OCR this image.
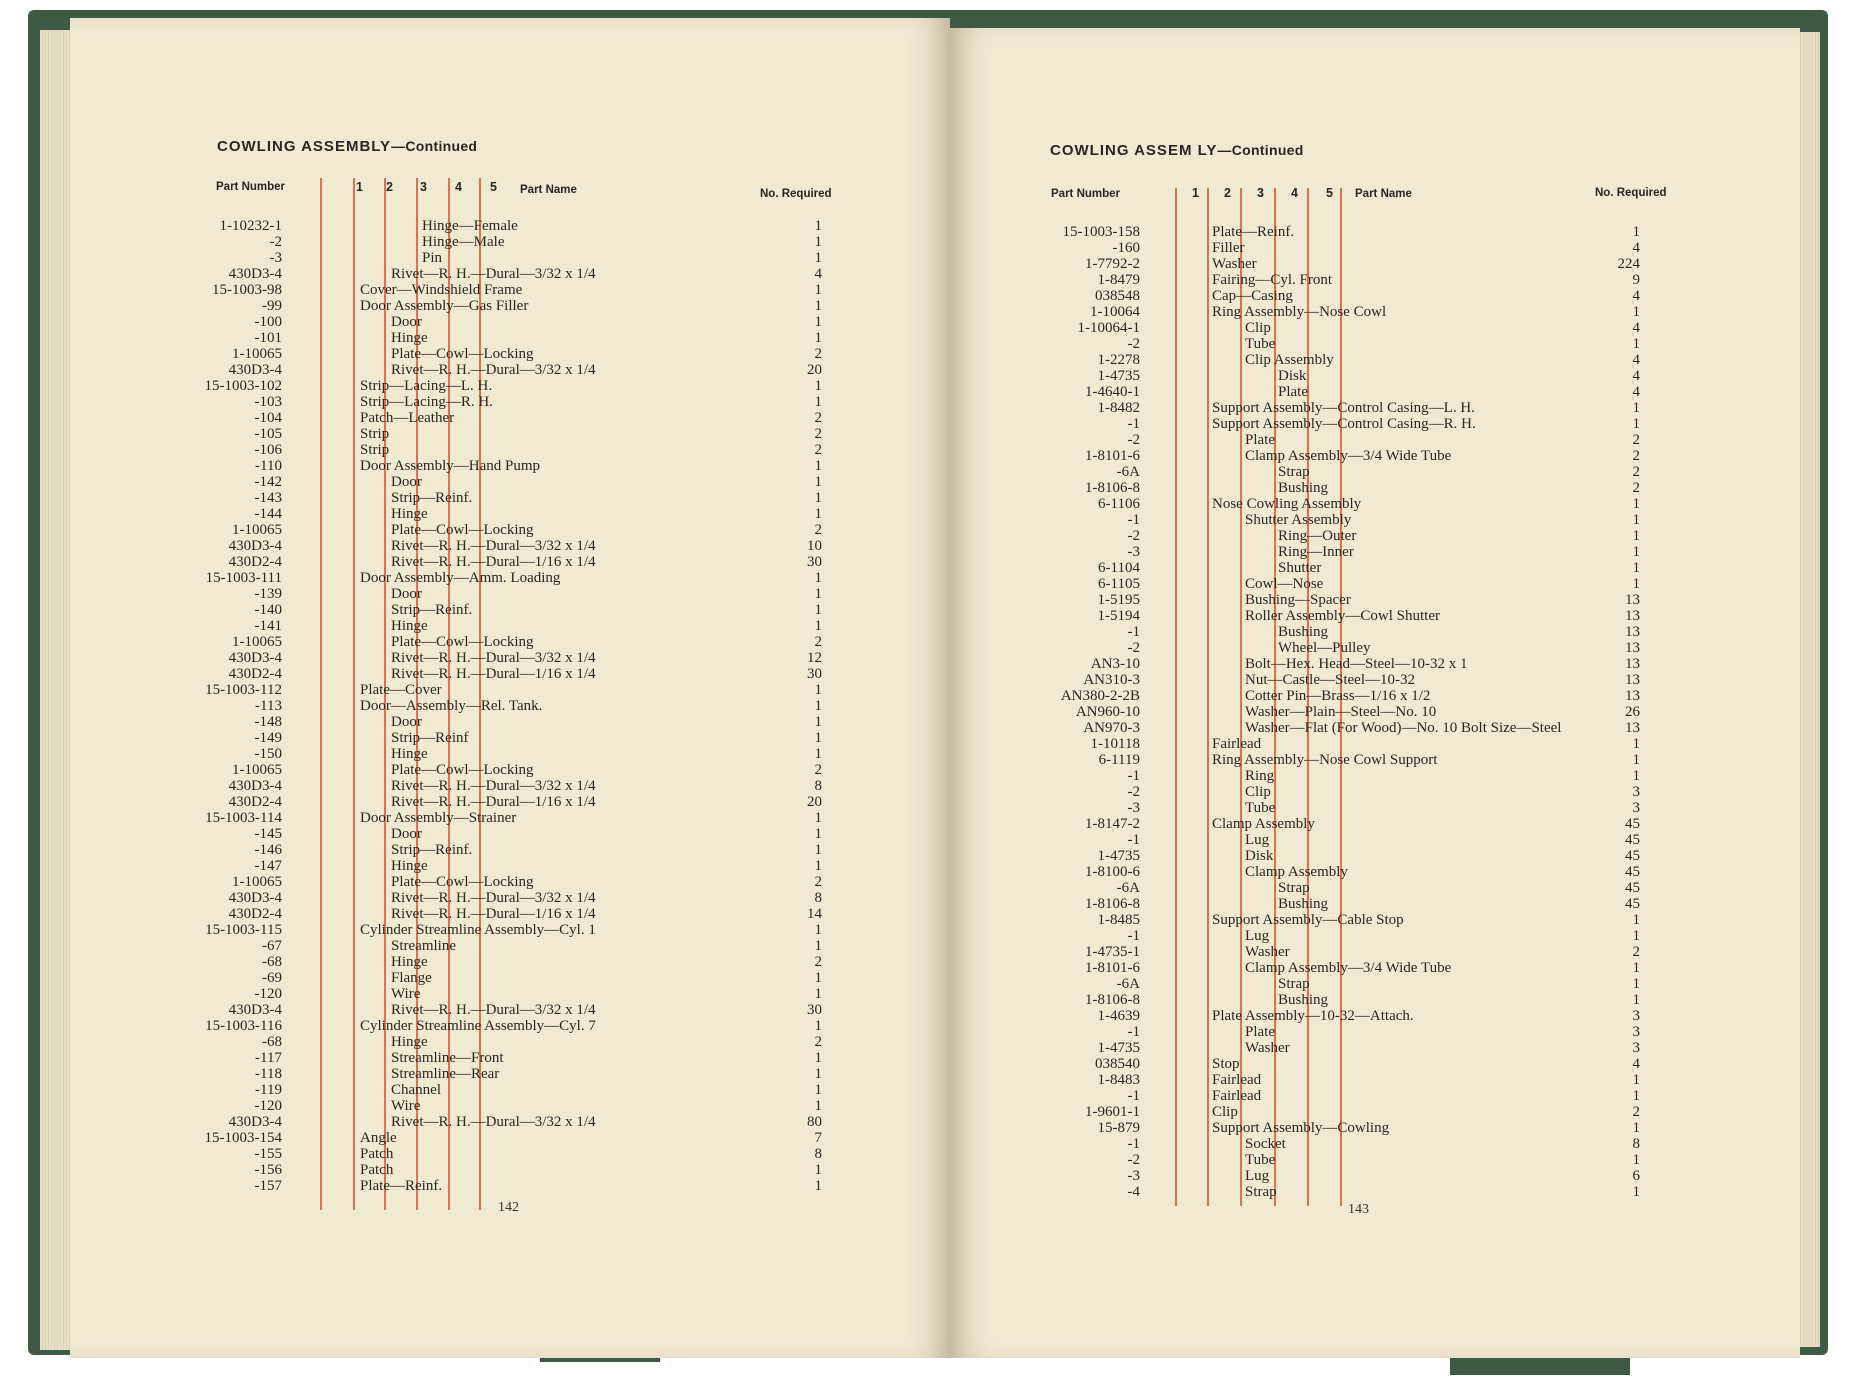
COWLING ASSEMBLY—Continued
Part Number	1 2 3 4 5 Part Name	No. Required
1-10232-1	Hinge—Female	1
-2	Hinge—Male	1
-3	Pin	1
430D3-4	Rivet—R. H.—Dural—3/32 x 1/4	4
15-1003-98	Cover—Windshield Frame	1
-99	Door Assembly—Gas Filler	1
-100	Door	1
-101	Hinge	1
1-10065	Plate—Cowl—Locking	2
430D3-4	Rivet—R. H.—Dural—3/32 x 1/4	20
15-1003-102	Strip—Lacing—L. H.	1
-103	Strip—Lacing—R. H.	1
-104	Patch—Leather	2
-105	Strip	2
-106	Strip	2
-110	Door Assembly—Hand Pump	1
-142	Door	1
-143	Strip—Reinf.	1
-144	Hinge	1
1-10065	Plate—Cowl—Locking	2
430D3-4	Rivet—R. H.—Dural—3/32 x 1/4	10
430D2-4	Rivet—R. H.—Dural—1/16 x 1/4	30
15-1003-111	Door Assembly—Amm. Loading	1
-139	Door	1
-140	Strip—Reinf.	1
-141	Hinge	1
1-10065	Plate—Cowl—Locking	2
430D3-4	Rivet—R. H.—Dural—3/32 x 1/4	12
430D2-4	Rivet—R. H.—Dural—1/16 x 1/4	30
15-1003-112	Plate—Cover	1
-113	Door—Assembly—Rel. Tank.	1
-148	Door	1
-149	Strip—Reinf	1
-150	Hinge	1
1-10065	Plate—Cowl—Locking	2
430D3-4	Rivet—R. H.—Dural—3/32 x 1/4	8
430D2-4	Rivet—R. H.—Dural—1/16 x 1/4	20
15-1003-114	Door Assembly—Strainer	1
-145	Door	1
-146	Strip—Reinf.	1
-147	Hinge	1
1-10065	Plate—Cowl—Locking	2
430D3-4	Rivet—R. H.—Dural—3/32 x 1/4	8
430D2-4	Rivet—R. H.—Dural—1/16 x 1/4	14
15-1003-115	Cylinder Streamline Assembly—Cyl. 1	1
-67	Streamline	1
-68	Hinge	2
-69	Flange	1
-120	Wire	1
430D3-4	Rivet—R. H.—Dural—3/32 x 1/4	30
15-1003-116	Cylinder Streamline Assembly—Cyl. 7	1
-68	Hinge	2
-117	Streamline—Front	1
-118	Streamline—Rear	1
-119	Channel	1
-120	Wire	1
430D3-4	Rivet—R. H.—Dural—3/32 x 1/4	80
15-1003-154	Angle	7
-155	Patch	8
-156	Patch	1
-157	Plate—Reinf.	1
142
COWLING ASSEM LY—Continued
Part Number	1 2 3 4 5 Part Name	No. Required
15-1003-158	Plate—Reinf.	1
-160	Filler	4
1-7792-2	Washer	224
1-8479	Fairing—Cyl. Front	9
038548	Cap—Casing	4
1-10064	Ring Assembly—Nose Cowl	1
1-10064-1	Clip	4
-2	Tube	1
1-2278	Clip Assembly	4
1-4735	Disk	4
1-4640-1	Plate	4
1-8482	Support Assembly—Control Casing—L. H.	1
-1	Support Assembly—Control Casing—R. H.	1
-2	Plate	2
1-8101-6	Clamp Assembly—3/4 Wide Tube	2
-6A	Strap	2
1-8106-8	Bushing	2
6-1106	Nose Cowling Assembly	1
-1	Shutter Assembly	1
-2	Ring—Outer	1
-3	Ring—Inner	1
6-1104	Shutter	1
6-1105	Cowl—Nose	1
1-5195	Bushing—Spacer	13
1-5194	Roller Assembly—Cowl Shutter	13
-1	Bushing	13
-2	Wheel—Pulley	13
AN3-10	Bolt—Hex. Head—Steel—10-32 x 1	13
AN310-3	Nut—Castle—Steel—10-32	13
AN380-2-2B	Cotter Pin—Brass—1/16 x 1/2	13
AN960-10	Washer—Plain—Steel—No. 10	26
AN970-3	Washer—Flat (For Wood)—No. 10 Bolt Size—Steel	13
1-10118	Fairlead	1
6-1119	Ring Assembly—Nose Cowl Support	1
-1	Ring	1
-2	Clip	3
-3	Tube	3
1-8147-2	Clamp Assembly	45
-1	Lug	45
1-4735	Disk	45
1-8100-6	Clamp Assembly	45
-6A	Strap	45
1-8106-8	Bushing	45
1-8485	Support Assembly—Cable Stop	1
-1	Lug	1
1-4735-1	Washer	2
1-8101-6	Clamp Assembly—3/4 Wide Tube	1
-6A	Strap	1
1-8106-8	Bushing	1
1-4639	Plate Assembly—10-32—Attach.	3
-1	Plate	3
1-4735	Washer	3
038540	Stop	4
1-8483	Fairlead	1
-1	Fairlead	1
1-9601-1	Clip	2
15-879	Support Assembly—Cowling	1
-1	Socket	8
-2	Tube	1
-3	Lug	6
-4	Strap	1
143
